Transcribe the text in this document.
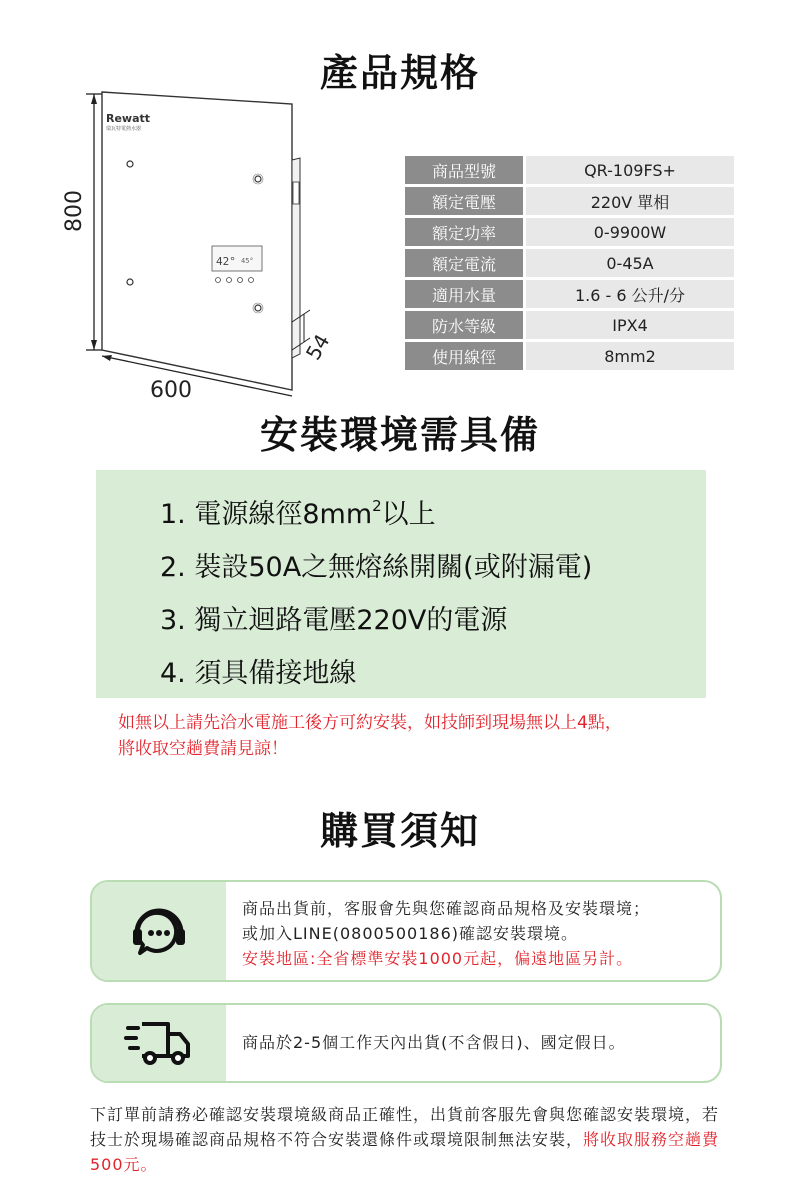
產品規格
42° 45°
Rewatt
瑞瓦特電熱水器
800
600
54
商品型號	QR-109FS+
額定電壓	220V 單相
額定功率	0-9900W
額定電流	0-45A
適用水量	1.6 - 6 公升/分
防水等級	IPX4
使用線徑	8mm2
安裝環境需具備
1. 電源線徑$8mm^2$以上
2. 裝設50A之無熔絲開關(或附漏電)
3. 獨立迴路電壓220V的電源
4. 須具備接地線
如無以上請先洽水電施工後方可約安裝，如技師到現場無以上4點，
將收取空趟費請見諒！
購買須知
商品出貨前，客服會先與您確認商品規格及安裝環境；
或加入LINE(0800500186)確認安裝環境。
安裝地區:全省標準安裝1000元起，偏遠地區另計。
商品於2-5個工作天內出貨(不含假日)、國定假日。
下訂單前請務必確認安裝環境級商品正確性，出貨前客服先會與您確認安裝環境，若技士於現場確認商品規格不符合安裝還條件或環境限制無法安裝，將收取服務空趟費500元。
